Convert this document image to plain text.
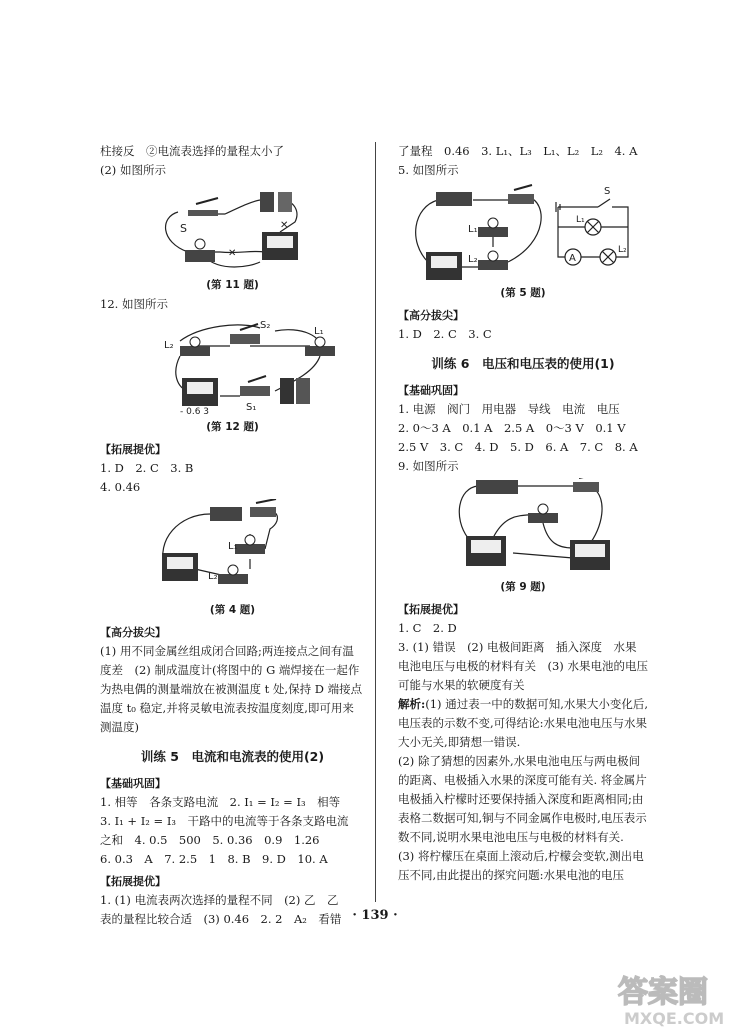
柱接反　②电流表选择的量程太小了
(2) 如图所示
S	✕
✕
(第 11 题)
12. 如图所示
L₂
L₁
S₂
S₁
- 0.6 3
(第 12 题)
【拓展提优】
1. D　2. C　3. B
4. 0.46
L₁
L₂
(第 4 题)
【高分拔尖】
(1) 用不同金属丝组成闭合回路;两连接点之间有温度差　(2) 制成温度计(将图中的 G 端焊接在一起作为热电偶的测量端放在被测温度 t 处,保持 D 端接点温度 t₀ 稳定,并将灵敏电流表按温度刻度,即可用来测温度)
训练 5　电流和电流表的使用(2)
【基础巩固】
1. 相等　各条支路电流　2. I₁ = I₂ = I₃　相等
3. I₁ + I₂ = I₃　干路中的电流等于各条支路电流
之和　4. 0.5　500　5. 0.36　0.9　1.26
6. 0.3　A　7. 2.5　1　8. B　9. D　10. A
【拓展提优】
1. (1) 电流表两次选择的量程不同　(2) 乙　乙
表的量程比较合适　(3) 0.46　2. 2　A₂　看错
了量程　0.46　3. L₁、L₃　L₁、L₂　L₂　4. A
5. 如图所示
L₁
L₂	A
S
L₁
L₂
(第 5 题)
【高分拔尖】
1. D　2. C　3. C
训练 6　电压和电压表的使用(1)
【基础巩固】
1. 电源　阀门　用电器　导线　电流　电压
2. 0～3 A　0.1 A　2.5 A　0～3 V　0.1 V
2.5 V　3. C　4. D　5. D　6. A　7. C　8. A
9. 如图所示
(第 9 题)
【拓展提优】
1. C　2. D
3. (1) 错误　(2) 电极间距离　插入深度　水果电池电压与电极的材料有关　(3) 水果电池的电压可能与水果的软硬度有关
解析:(1) 通过表一中的数据可知,水果大小变化后,电压表的示数不变,可得结论:水果电池电压与水果大小无关,即猜想一错误.
(2) 除了猜想的因素外,水果电池电压与两电极间的距离、电极插入水果的深度可能有关. 将金属片电极插入柠檬时还要保持插入深度和距离相同;由表格二数据可知,铜与不同金属作电极时,电压表示数不同,说明水果电池电压与电极的材料有关.
(3) 将柠檬压在桌面上滚动后,柠檬会变软,测出电压不同,由此提出的探究问题:水果电池的电压
· 139 ·
答案圈
MXQE.COM
